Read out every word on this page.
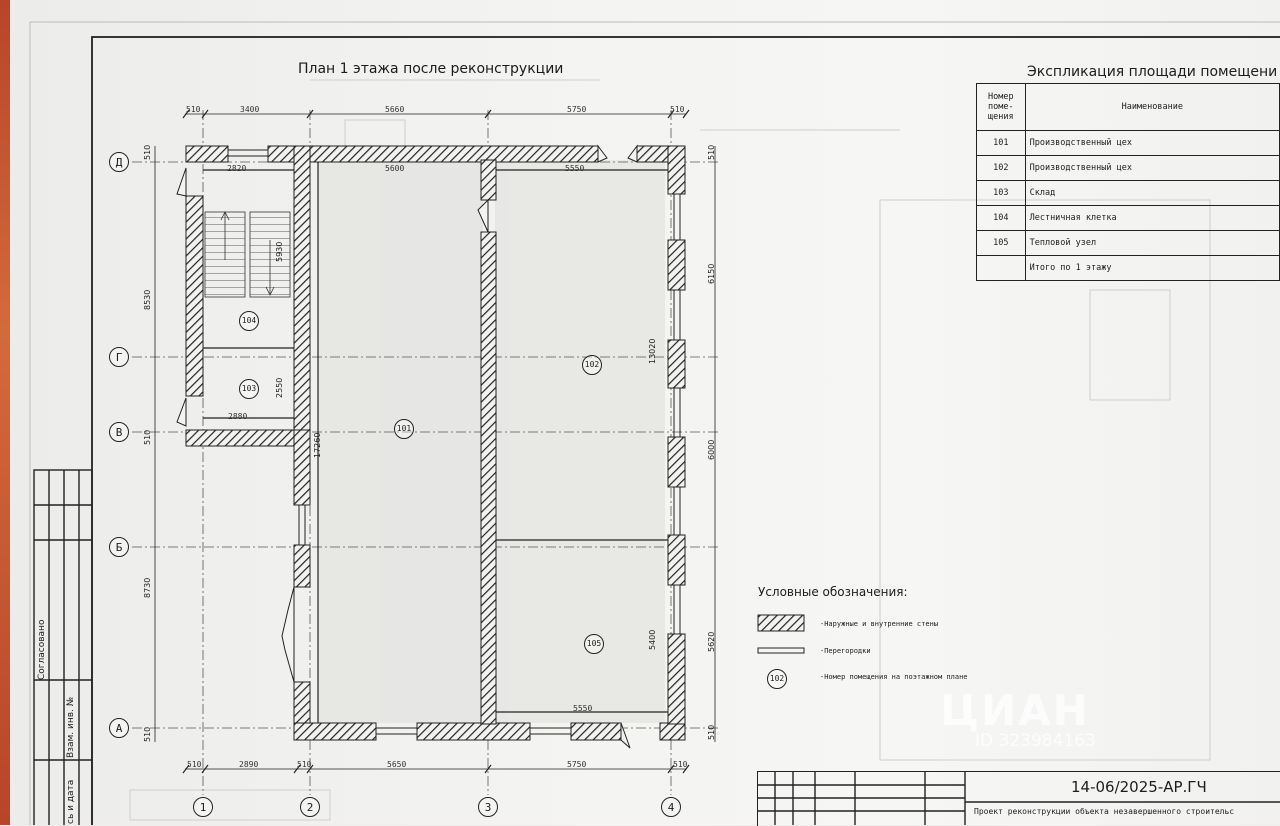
План 1 этажа после реконструкции
510	3400	5660	5750	510
510	2890	510	5650	5750	510
510
8530
510
8730
510
510
6150
6000
5620
510
2820	5600	5550
5930
2550
2880
17260
13020
5400
5550
Д
Г
В
Б
А
1	2	3	4
104
103
101
102
105
Экспликация площади помещени
Номер
поме-
щения	Наименование
101	Производственный цех
102	Производственный цех
103	Склад
104	Лестничная клетка
105	Тепловой узел
	Итого по 1 этажу
Условные обозначения:
-Наружные и внутренние стены
-Перегородки
102	-Номер помещения на поэтажном плане
14-06/2025-АР.ГЧ
Проект реконструкции объекта незавершенного строительс
Согласовано
Взам. инв. №
сь и дата
ЦИАН
ID 323984163
